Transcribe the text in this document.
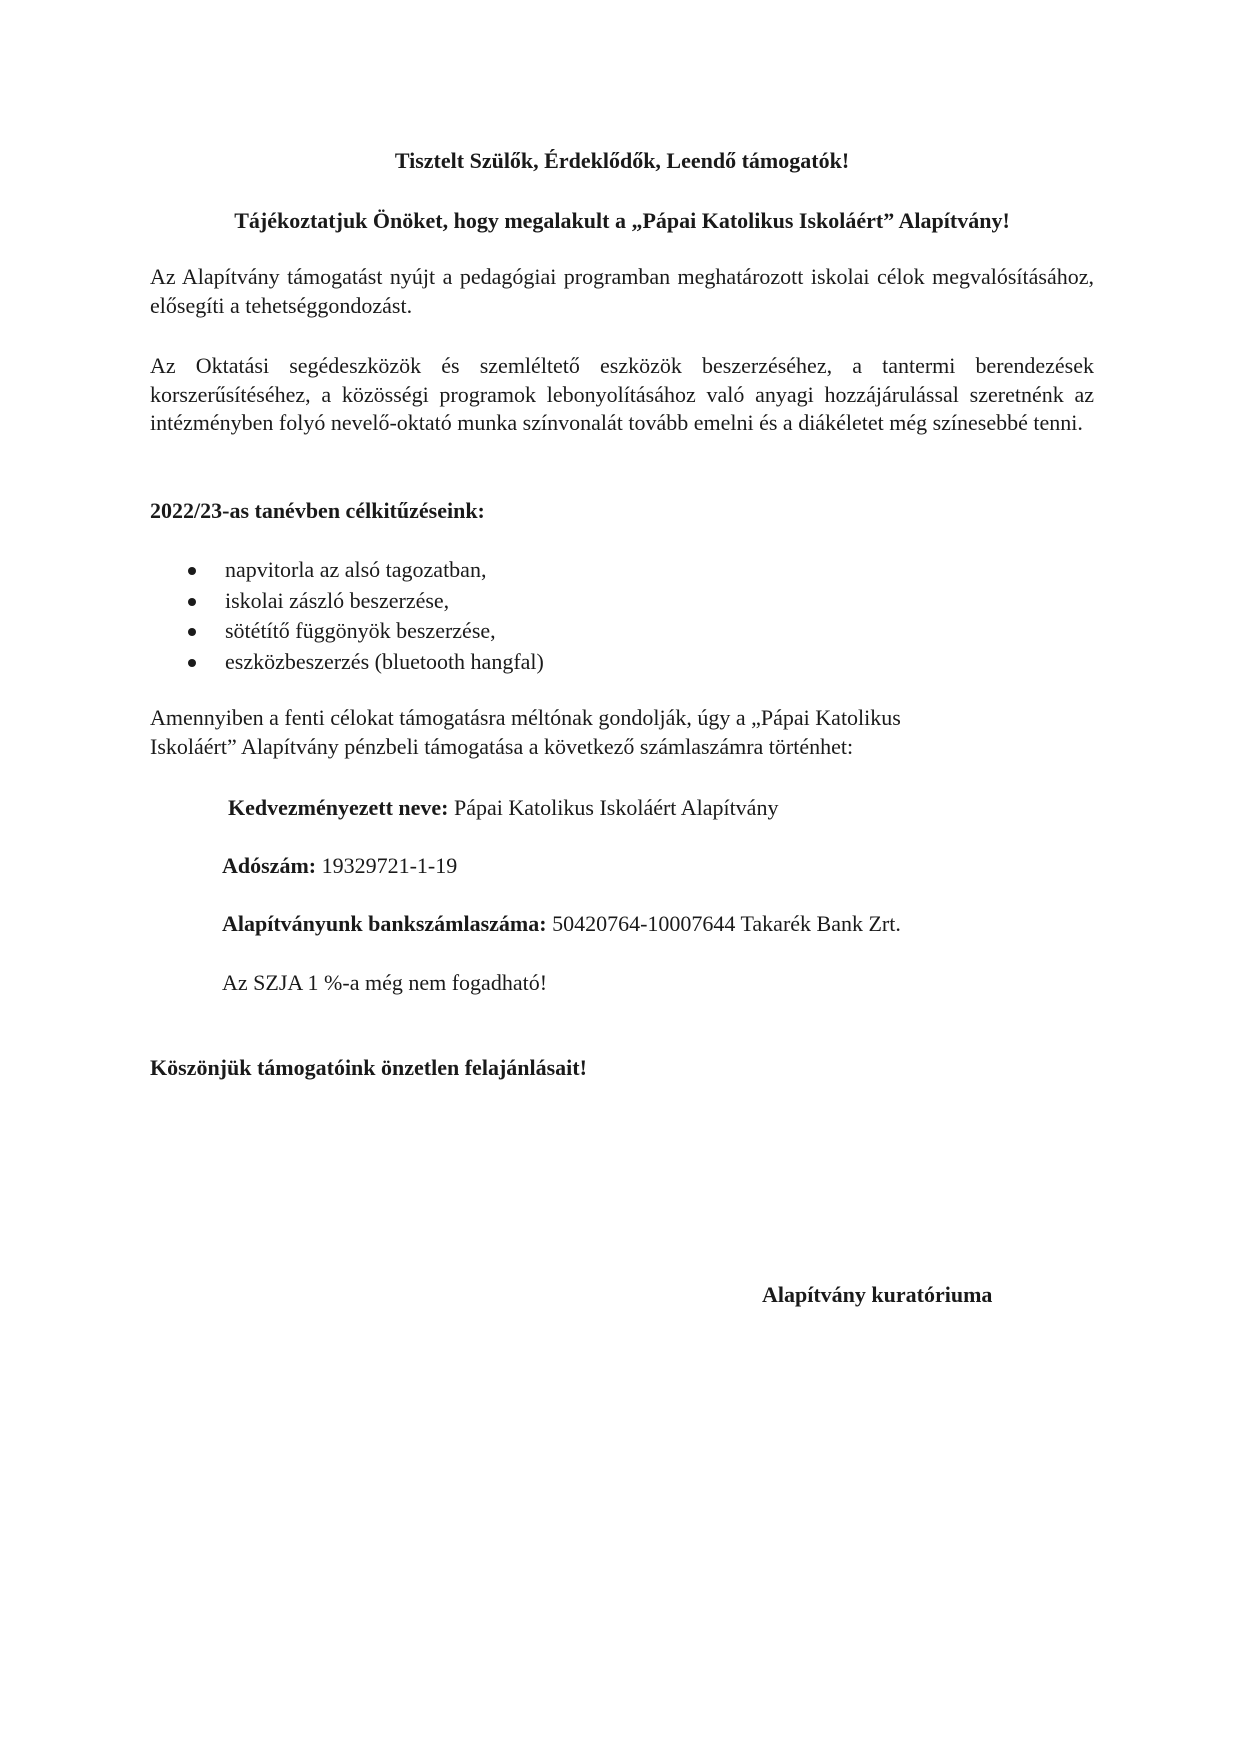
Tisztelt Szülők, Érdeklődők, Leendő támogatók!
Tájékoztatjuk Önöket, hogy megalakult a „Pápai Katolikus Iskoláért” Alapítvány!
Az Alapítvány támogatást nyújt a pedagógiai programban meghatározott iskolai célok megvalósításához, elősegíti a tehetséggondozást.
Az Oktatási segédeszközök és szemléltető eszközök beszerzéséhez, a tantermi berendezések korszerűsítéséhez, a közösségi programok lebonyolításához való anyagi hozzájárulással szeretnénk az intézményben folyó nevelő-oktató munka színvonalát tovább emelni és a diákéletet még színesebbé tenni.
2022/23-as tanévben célkitűzéseink:
napvitorla az alsó tagozatban,
iskolai zászló beszerzése,
sötétítő függönyök beszerzése,
eszközbeszerzés (bluetooth hangfal)
Amennyiben a fenti célokat támogatásra méltónak gondolják, úgy a „Pápai Katolikus
Iskoláért” Alapítvány pénzbeli támogatása a következő számlaszámra történhet:
Kedvezményezett neve: Pápai Katolikus Iskoláért Alapítvány
Adószám: 19329721-1-19
Alapítványunk bankszámlaszáma: 50420764-10007644 Takarék Bank Zrt.
Az SZJA 1 %-a még nem fogadható!
Köszönjük támogatóink önzetlen felajánlásait!
Alapítvány kuratóriuma
